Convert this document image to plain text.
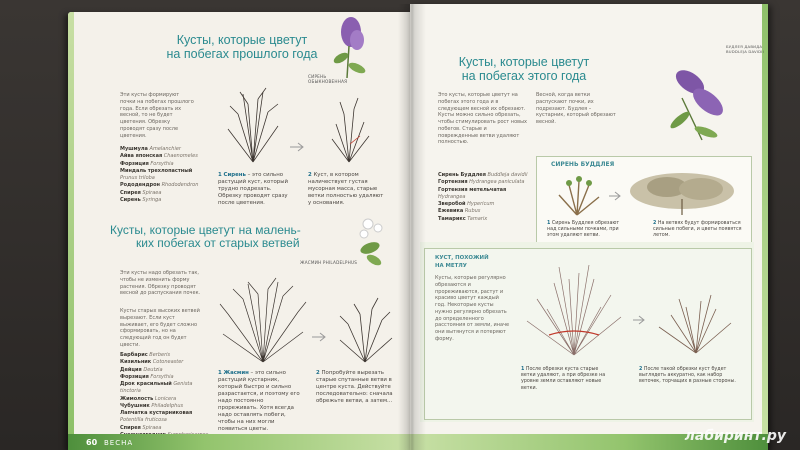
Кусты, которые цветут
на побегах прошлого года
СИРЕНЬ ОБЫКНОВЕННАЯ
Эти кусты формируют почки на побегах прошлого года. Если обрезать их весной, то не будет цветения. Обрезку проводят сразу после цветения.
Мушмула Amelanchier
Айва японская Chaenomeles
Форзиция Forsythia
Миндаль трехлопастный Prunus triloba
Рододендрон Rhododendron
Спирея Spiraea
Сирень Syringa
1 Сирень – это сильно растущий куст, который трудно подрезать. Обрезку проводят сразу после цветения.
2 Куст, в котором наличествует густая мусорная масса, старые ветки полностью удаляют у основания.
Кусты, которые цветут на малень-
ких побегах от старых ветвей
ЖАСМИН PHILADELPHUS
Эти кусты надо обрезать так, чтобы не изменить форму растения. Обрезку проводят весной до распускания почек.
Кусты старых высоких ветвей вырезают. Если куст выживает, его будет сложно сформировать, но на следующий год он будет цвести.
Барбарис Berberis
Кизильник Cotoneaster
Дейция Deutzia
Форзиция Forsythia
Дрок красильный Genista tinctoria
Жимолость Lonicera
Чубушник Philadelphus
Лапчатка кустарниковая Potentilla fruticosa
Спирея Spiraea
1 Жасмин – это сильно растущий кустарник, который быстро и сильно разрастается, и поэтому его надо постоянно прореживать. Хотя всегда надо оставлять побеги, чтобы на них могли появиться цветы.
2 Попробуйте вырезать старые спутанные ветви в центре куста. Действуйте последовательно: сначала обрежьте ветви, а затем...
60 ВЕСНА
Кусты, которые цветут
на побегах этого года
БУДЛЕЯ ДАВИДА BUDDLEJA DAVIDII
Это кусты, которые цветут на побегах этого года и в следующем весной их обрезают. Кусты можно сильно обрезать, чтобы стимулировать рост новых побегов. Старые и поврежденные ветви удаляют полностью.
Весной, когда ветки распускают почки, их подрезают. Будлея – кустарник, который обрезают весной.
Сирень Буддлея Buddleja davidii
Гортензия Hydrangea paniculata
Гортензия метельчатая Hydrangea
Зверобой Hypericum
Ежевика Rubus
Тамарикс Tamarix
СИРЕНЬ БУДДЛЕЯ
1 Сирень Буддлея обрезают над сильными почками, при этом удаляют ветви.
2 На ветвях будут формироваться сильные побеги, и цветы появятся летом.
КУСТ, ПОХОЖИЙ
НА МЕТЛУ
Кусты, которые регулярно обрезаются и прореживаются, растут и красиво цветут каждый год. Некоторые кусты нужно регулярно обрезать до определенного расстояния от земли, иначе они вытянутся и потеряют форму.
1 После обрезки куста старые ветки удаляют, а при обрезке на уровне земли оставляют новые ветки.
2 После такой обрезки куст будет выглядеть аккуратно, как набор веточек, торчащих в разные стороны.
лабиринт.ру
